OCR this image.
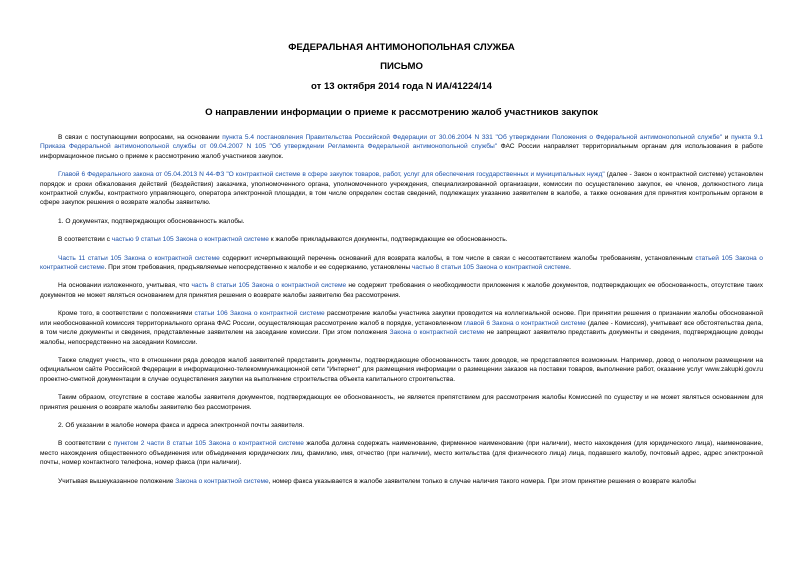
ФЕДЕРАЛЬНАЯ АНТИМОНОПОЛЬНАЯ СЛУЖБА
ПИСЬМО
от 13 октября 2014 года N ИА/41224/14
О направлении информации о приеме к рассмотрению жалоб участников закупок

В связи с поступающими вопросами, на основании пункта 5.4 постановления Правительства Российской Федерации от 30.06.2004 N 331 "Об утверждении Положения о Федеральной антимонопольной службе" и пункта 9.1 Приказа Федеральной антимонопольной службы от 09.04.2007 N 105 "Об утверждении Регламента Федеральной антимонопольной службы" ФАС России направляет территориальным органам для использования в работе информационное письмо о приеме к рассмотрению жалоб участников закупок.

Главой 6 Федерального закона от 05.04.2013 N 44-ФЗ "О контрактной системе в сфере закупок товаров, работ, услуг для обеспечения государственных и муниципальных нужд" (далее - Закон о контрактной системе) установлен порядок и сроки обжалования действий (бездействия) заказчика, уполномоченного органа, уполномоченного учреждения, специализированной организации, комиссии по осуществлению закупок, ее членов, должностного лица контрактной службы, контрактного управляющего, оператора электронной площадки, в том числе определен состав сведений, подлежащих указанию заявителем в жалобе, а также основания для принятия контрольным органом в сфере закупок решения о возврате жалобы заявителю.

1. О документах, подтверждающих обоснованность жалобы.

В соответствии с частью 9 статьи 105 Закона о контрактной системе к жалобе прикладываются документы, подтверждающие ее обоснованность.

Часть 11 статьи 105 Закона о контрактной системе содержит исчерпывающий перечень оснований для возврата жалобы, в том числе в связи с несоответствием жалобы требованиям, установленным статьей 105 Закона о контрактной системе. При этом требования, предъявляемые непосредственно к жалобе и ее содержанию, установлены частью 8 статьи 105 Закона о контрактной системе.

На основании изложенного, учитывая, что часть 8 статьи 105 Закона о контрактной системе не содержит требования о необходимости приложения к жалобе документов, подтверждающих ее обоснованность, отсутствие таких документов не может являться основанием для принятия решения о возврате жалобы заявителю без рассмотрения.

Кроме того, в соответствии с положениями статьи 106 Закона о контрактной системе рассмотрение жалобы участника закупки проводится на коллегиальной основе. При принятии решения о признании жалобы обоснованной или необоснованной комиссия территориального органа ФАС России, осуществляющая рассмотрение жалоб в порядке, установленном главой 6 Закона о контрактной системе (далее - Комиссия), учитывает все обстоятельства дела, в том числе документы и сведения, представленные заявителем на заседание комиссии. При этом положения Закона о контрактной системе не запрещают заявителю представить документы и сведения, подтверждающие доводы жалобы, непосредственно на заседании Комиссии.

Также следует учесть, что в отношении ряда доводов жалоб заявителей представить документы, подтверждающие обоснованность таких доводов, не представляется возможным. Например, довод о неполном размещении на официальном сайте Российской Федерации в информационно-телекоммуникационной сети "Интернет" для размещения информации о размещении заказов на поставки товаров, выполнение работ, оказание услуг www.zakupki.gov.ru проектно-сметной документации в случае осуществления закупки на выполнение строительства объекта капитального строительства.

Таким образом, отсутствие в составе жалобы заявителя документов, подтверждающих ее обоснованность, не является препятствием для рассмотрения жалобы Комиссией по существу и не может являться основанием для принятия решения о возврате жалобы заявителю без рассмотрения.

2. Об указании в жалобе номера факса и адреса электронной почты заявителя.

В соответствии с пунктом 2 части 8 статьи 105 Закона о контрактной системе жалоба должна содержать наименование, фирменное наименование (при наличии), место нахождения (для юридического лица), наименование, место нахождения общественного объединения или объединения юридических лиц, фамилию, имя, отчество (при наличии), место жительства (для физического лица) лица, подавшего жалобу, почтовый адрес, адрес электронной почты, номер контактного телефона, номер факса (при наличии).

Учитывая вышеуказанное положение Закона о контрактной системе, номер факса указывается в жалобе заявителем только в случае наличия такого номера. При этом принятие решения о возврате жалобы
